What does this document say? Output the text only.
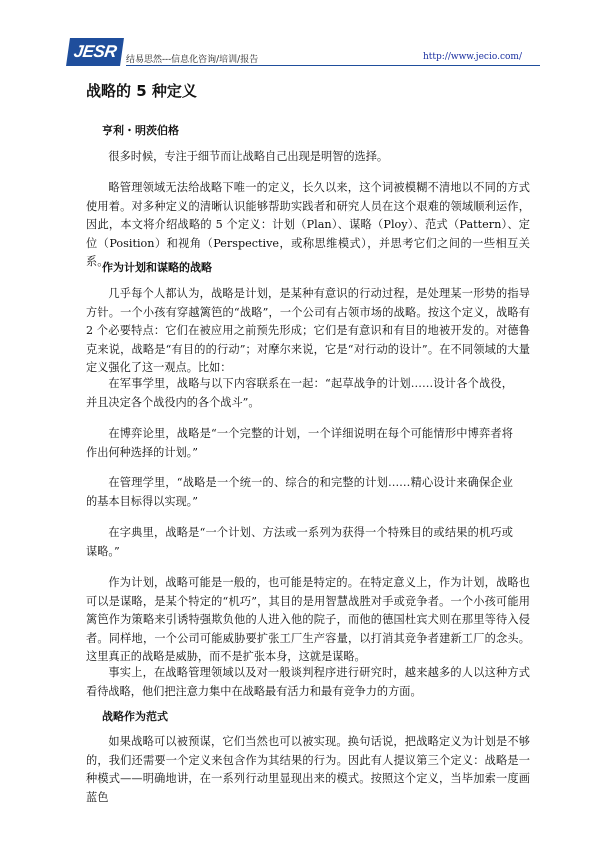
JESR 结易思然---信息化咨询/培训/报告	http://www.jecio.com/
战略的 5 种定义
亨利・明茨伯格

很多时候，专注于细节而让战略自己出现是明智的选择。

略管理领域无法给战略下唯一的定义，长久以来，这个词被模糊不清地以不同的方式使用着。对多种定义的清晰认识能够帮助实践者和研究人员在这个艰难的领域顺利运作，因此，本文将介绍战略的 5 个定义：计划（Plan）、谋略（Ploy）、范式（Pattern）、定位（Position）和视角（Perspective，或称思维模式），并思考它们之间的一些相互关系。

作为计划和谋略的战略

几乎每个人都认为，战略是计划，是某种有意识的行动过程，是处理某一形势的指导方针。一个小孩有穿越篱笆的“战略”，一个公司有占领市场的战略。按这个定义，战略有 2 个必要特点：它们在被应用之前预先形成；它们是有意识和有目的地被开发的。对德鲁克来说，战略是“有目的的行动”；对摩尔来说，它是“对行动的设计”。在不同领域的大量定义强化了这一观点。比如：

在军事学里，战略与以下内容联系在一起：“起草战争的计划……设计各个战役，并且决定各个战役内的各个战斗”。

在博弈论里，战略是“一个完整的计划，一个详细说明在每个可能情形中博弈者将作出何种选择的计划。”

在管理学里，“战略是一个统一的、综合的和完整的计划……精心设计来确保企业的基本目标得以实现。”

在字典里，战略是“一个计划、方法或一系列为获得一个特殊目的或结果的机巧或谋略。”

作为计划，战略可能是一般的，也可能是特定的。在特定意义上，作为计划，战略也可以是谋略，是某个特定的“机巧”，其目的是用智慧战胜对手或竞争者。一个小孩可能用篱笆作为策略来引诱特强欺负他的人进入他的院子，而他的德国杜宾犬则在那里等待入侵者。同样地，一个公司可能威胁要扩张工厂生产容量，以打消其竞争者建新工厂的念头。这里真正的战略是威胁，而不是扩张本身，这就是谋略。

事实上，在战略管理领域以及对一般谈判程序进行研究时，越来越多的人以这种方式看待战略，他们把注意力集中在战略最有活力和最有竞争力的方面。

战略作为范式

如果战略可以被预谋，它们当然也可以被实现。换句话说，把战略定义为计划是不够的，我们还需要一个定义来包含作为其结果的行为。因此有人提议第三个定义：战略是一种模式——明确地讲，在一系列行动里显现出来的模式。按照这个定义，当毕加索一度画蓝色
